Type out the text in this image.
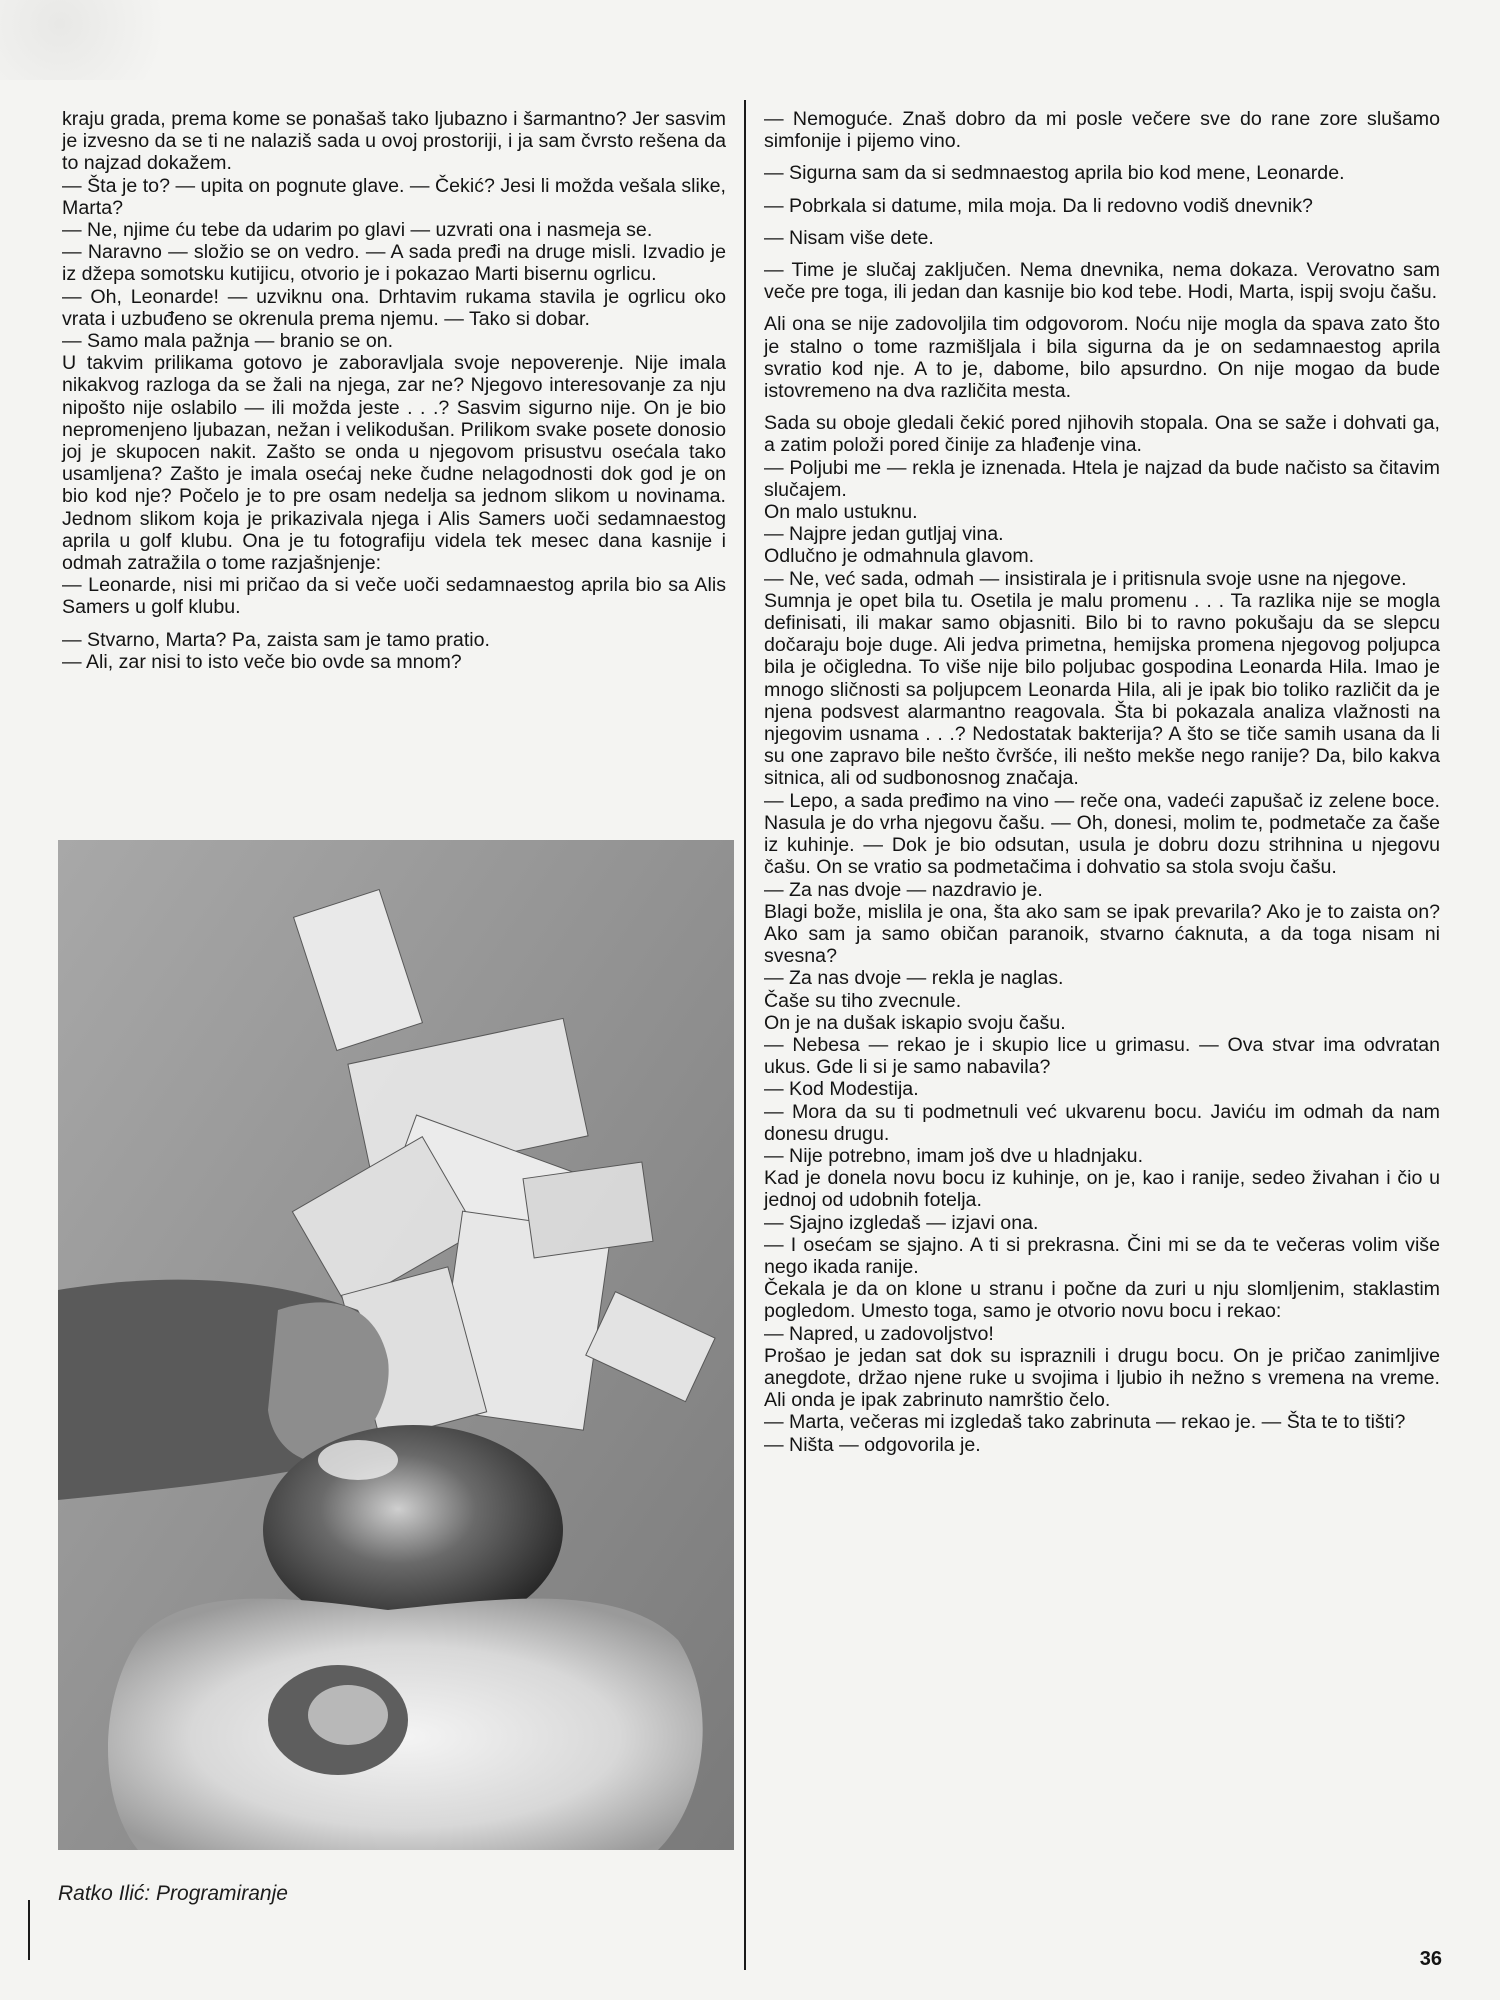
kraju grada, prema kome se ponašaš tako ljubazno i šarmantno? Jer sasvim je izvesno da se ti ne nalaziš sada u ovoj prostoriji, i ja sam čvrsto rešena da to najzad dokažem.

— Šta je to? — upita on pognute glave. — Čekić? Jesi li možda vešala slike, Marta?

— Ne, njime ću tebe da udarim po glavi — uzvrati ona i nasmeja se.

— Naravno — složio se on vedro. — A sada pređi na druge misli. Izvadio je iz džepa somotsku kutijicu, otvorio je i pokazao Marti bisernu ogrlicu.

— Oh, Leonarde! — uzviknu ona. Drhtavim rukama stavila je ogrlicu oko vrata i uzbuđeno se okrenula prema njemu. — Tako si dobar.

— Samo mala pažnja — branio se on.

U takvim prilikama gotovo je zaboravljala svoje nepoverenje. Nije imala nikakvog razloga da se žali na njega, zar ne? Njegovo interesovanje za nju nipošto nije oslabilo — ili možda jeste . . .? Sasvim sigurno nije. On je bio nepromenjeno ljubazan, nežan i velikodušan. Prilikom svake posete donosio joj je skupocen nakit. Zašto se onda u njegovom prisustvu osećala tako usamljena? Zašto je imala osećaj neke čudne nelagodnosti dok god je on bio kod nje? Počelo je to pre osam nedelja sa jednom slikom u novinama. Jednom slikom koja je prikazivala njega i Alis Samers uoči sedamnaestog aprila u golf klubu. Ona je tu fotografiju videla tek mesec dana kasnije i odmah zatražila o tome razjašnjenje:

— Leonarde, nisi mi pričao da si veče uoči sedamnaestog aprila bio sa Alis Samers u golf klubu.

— Stvarno, Marta? Pa, zaista sam je tamo pratio.

— Ali, zar nisi to isto veče bio ovde sa mnom?

— Nemoguće. Znaš dobro da mi posle večere sve do rane zore slušamo simfonije i pijemo vino.

— Sigurna sam da si sedmnaestog aprila bio kod mene, Leonarde.

— Pobrkala si datume, mila moja. Da li redovno vodiš dnevnik?

— Nisam više dete.

— Time je slučaj zaključen. Nema dnevnika, nema dokaza. Verovatno sam veče pre toga, ili jedan dan kasnije bio kod tebe. Hodi, Marta, ispij svoju čašu.

Ali ona se nije zadovoljila tim odgovorom. Noću nije mogla da spava zato što je stalno o tome razmišljala i bila sigurna da je on sedamnaestog aprila svratio kod nje. A to je, dabome, bilo apsurdno. On nije mogao da bude istovremeno na dva različita mesta.

Sada su oboje gledali čekić pored njihovih stopala. Ona se saže i dohvati ga, a zatim položi pored činije za hlađenje vina.

— Poljubi me — rekla je iznenada. Htela je najzad da bude načisto sa čitavim slučajem.

On malo ustuknu.

— Najpre jedan gutljaj vina.

Odlučno je odmahnula glavom.

— Ne, već sada, odmah — insistirala je i pritisnula svoje usne na njegove.

Sumnja je opet bila tu. Osetila je malu promenu . . . Ta razlika nije se mogla definisati, ili makar samo objasniti. Bilo bi to ravno pokušaju da se slepcu dočaraju boje duge. Ali jedva primetna, hemijska promena njegovog poljupca bila je očigledna. To više nije bilo poljubac gospodina Leonarda Hila. Imao je mnogo sličnosti sa poljupcem Leonarda Hila, ali je ipak bio toliko različit da je njena podsvest alarmantno reagovala. Šta bi pokazala analiza vlažnosti na njegovim usnama . . .? Nedostatak bakterija? A što se tiče samih usana da li su one zapravo bile nešto čvršće, ili nešto mekše nego ranije? Da, bilo kakva sitnica, ali od sudbonosnog značaja.

— Lepo, a sada pređimo na vino — reče ona, vadeći zapušač iz zelene boce. Nasula je do vrha njegovu čašu. — Oh, donesi, molim te, podmetače za čaše iz kuhinje. — Dok je bio odsutan, usula je dobru dozu strihnina u njegovu čašu. On se vratio sa podmetačima i dohvatio sa stola svoju čašu.

— Za nas dvoje — nazdravio je.

Blagi bože, mislila je ona, šta ako sam se ipak prevarila? Ako je to zaista on? Ako sam ja samo običan paranoik, stvarno ćaknuta, a da toga nisam ni svesna?

— Za nas dvoje — rekla je naglas.

Čaše su tiho zvecnule.

On je na dušak iskapio svoju čašu.

— Nebesa — rekao je i skupio lice u grimasu. — Ova stvar ima odvratan ukus. Gde li si je samo nabavila?

— Kod Modestija.

— Mora da su ti podmetnuli već ukvarenu bocu. Javiću im odmah da nam donesu drugu.

— Nije potrebno, imam još dve u hladnjaku.

Kad je donela novu bocu iz kuhinje, on je, kao i ranije, sedeo živahan i čio u jednoj od udobnih fotelja.

— Sjajno izgledaš — izjavi ona.

— I osećam se sjajno. A ti si prekrasna. Čini mi se da te večeras volim više nego ikada ranije.

Čekala je da on klone u stranu i počne da zuri u nju slomljenim, staklastim pogledom. Umesto toga, samo je otvorio novu bocu i rekao:

— Napred, u zadovoljstvo!

Prošao je jedan sat dok su ispraznili i drugu bocu. On je pričao zanimljive anegdote, držao njene ruke u svojima i ljubio ih nežno s vremena na vreme. Ali onda je ipak zabrinuto namrštio čelo.

— Marta, večeras mi izgledaš tako zabrinuta — rekao je. — Šta te to tišti?

— Ništa — odgovorila je.

Ratko Ilić: Programiranje
36
